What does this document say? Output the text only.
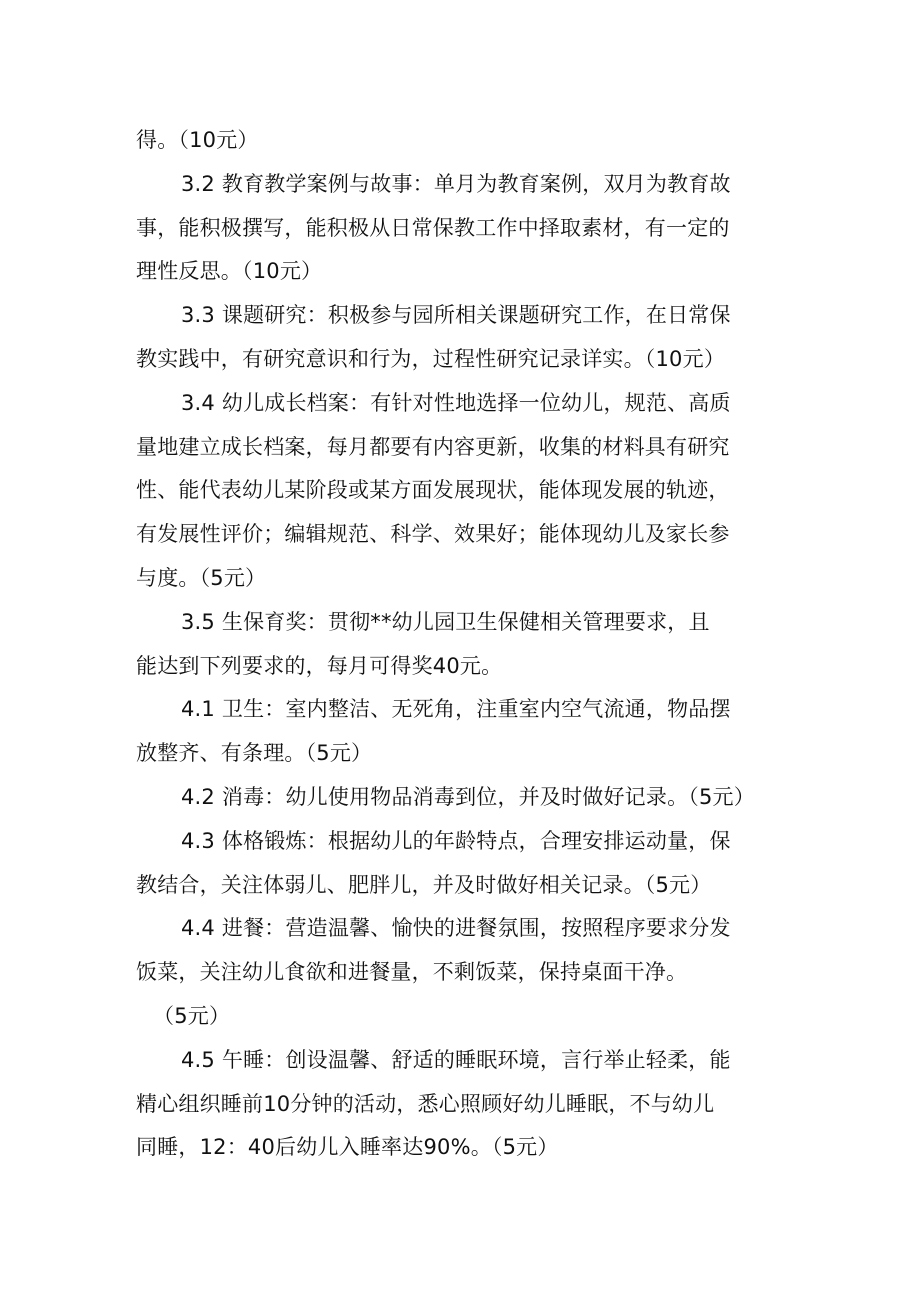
得。（10元）
3.2 教育教学案例与故事：单月为教育案例，双月为教育故
事，能积极撰写，能积极从日常保教工作中择取素材，有一定的
理性反思。（10元）
3.3 课题研究：积极参与园所相关课题研究工作，在日常保
教实践中，有研究意识和行为，过程性研究记录详实。（10元）
3.4 幼儿成长档案：有针对性地选择一位幼儿，规范、高质
量地建立成长档案，每月都要有内容更新，收集的材料具有研究
性、能代表幼儿某阶段或某方面发展现状，能体现发展的轨迹，
有发展性评价；编辑规范、科学、效果好；能体现幼儿及家长参
与度。（5元）
3.5 生保育奖：贯彻**幼儿园卫生保健相关管理要求，且
能达到下列要求的，每月可得奖40元。
4.1 卫生：室内整洁、无死角，注重室内空气流通，物品摆
放整齐、有条理。（5元）
4.2 消毒：幼儿使用物品消毒到位，并及时做好记录。（5元）
4.3 体格锻炼：根据幼儿的年龄特点，合理安排运动量，保
教结合，关注体弱儿、肥胖儿，并及时做好相关记录。（5元）
4.4 进餐：营造温馨、愉快的进餐氛围，按照程序要求分发
饭菜，关注幼儿食欲和进餐量，不剩饭菜，保持桌面干净。
（5元）
4.5 午睡：创设温馨、舒适的睡眠环境，言行举止轻柔，能
精心组织睡前10分钟的活动，悉心照顾好幼儿睡眠，不与幼儿
同睡，12：40后幼儿入睡率达90%。（5元）
